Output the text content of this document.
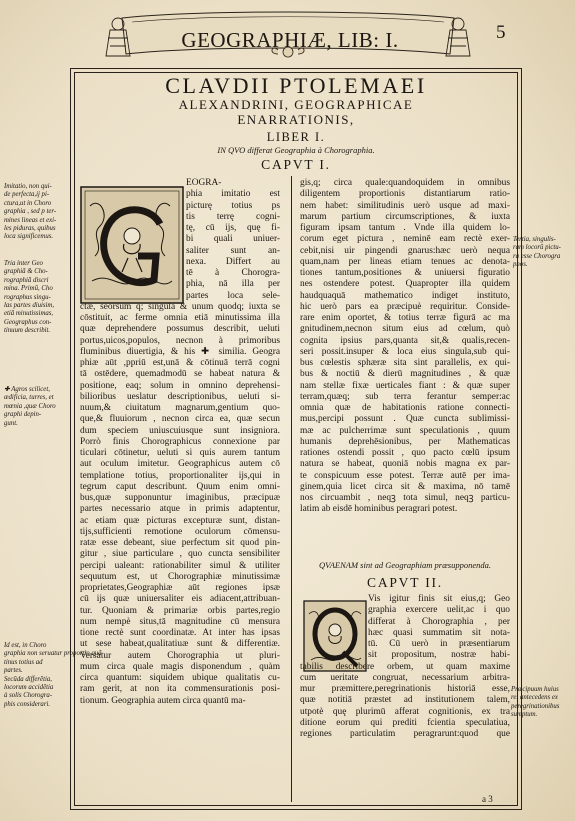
GEOGRAPHIÆ, LIB: I.	5
CLAVDII PTOLEMAEI
ALEXANDRINI, GEOGRAPHICAE
ENARRATIONIS,
LIBER I.
IN QVO differat Geographia à Chorographia.
CAPVT I.
EOGRA-
phia imitatio est
picturę totius ps
tis terrę cogni-
tę, cū ijs, quę fi-
bi quali uniuer-
saliter sunt an-
nexa. Differt au
tē à Chorogra-
phia, nā illa per
partes loca sele-
ctæ, seorsum q; singula & unum quodq; iuxta se
cōstituit, ac ferme omnia etiā minutissima illa
quæ deprehendere possumus describit, ueluti
portus,uicos,populos, necnon à primoribus
fluminibus diuertigia, & his ✚ similia. Geogra
phiæ aūt ,ppriū est,unā & cōtinuā terrā cogni
tā ostēdere, quemadmodū se habeat natura &
positione, eaq; solum in omnino deprehensi-
bilioribus ueslatur descriptionibus, ueluti si-
nuum,& ciuitatum magnarum,gentium quo-
que,& fluuiorum , necnon circa ea, quæ secun
dum speciem uniuscuiusque sunt insigniora.
Porrò finis Chorographicus connexione par
ticulari cōtinetur, ueluti si quis aurem tantum
aut oculum imitetur. Geographicus autem cō
templatione totius, proportionaliter ijs,qui in
tegrum caput describunt. Quum enim omni-
bus,quæ supponuntur imaginibus, præcipuæ
partes necessario atque in primis adaptentur,
ac etiam quæ picturas excepturæ sunt, distan-
tijs,sufficienti remotione oculorum cōmensu-
ratæ esse debeant, siue perfectum sit quod pin-
gitur , siue particulare , quo cuncta sensibiliter
percipi ualeant: rationabiliter simul & utiliter
sequutum est, ut Chorographiæ minutissimæ
proprietates,Geographiæ aūt regiones ipsæ
cū ijs quæ uniuersaliter eis adiacent,attribuan-
tur. Quoniam & primariæ orbis partes,regio
num nempè situs,tā magnitudine cū mensura
tione rectè sunt coordinatæ. At inter has ipsas
ut sese habeat,qualitatiuæ sunt & differentiæ.
Versatur autem Chorographia ut pluri-
mum circa quale magis disponendum , quàm
circa quantum: siquidem ubique qualitatis cu-
ram gerit, at non ita commensurationis posi-
tionum. Geographia autem circa quantū ma-
gis,q; circa quale:quandoquidem in omnibus
diligentem proportionis distantiarum ratio-
nem habet: similitudinis uerò usque ad maxi-
marum partium circumscriptiones, & iuxta
figuram ipsam tantum . Vnde illa quidem lo-
corum eget pictura , neminē eam rectè exer-
cebit,nisi uir pingendi gnarus:hæc uerò nequa
quam,nam per lineas etiam tenues ac denota-
tiones tantum,positiones & uniuersi figuratio
nes ostendere potest. Quapropter illa quidem
haudquaquā mathematico indiget instituto,
hic uerò pars ea præcipuè requiritur. Conside-
rare enim oportet, & totius terræ figurā ac ma
gnitudinem,necnon situm eius ad cœlum, quò
cognita ipsius pars,quanta sit,& qualis,recen-
seri possit.insuper & loca eius singula,sub qui-
bus cœlestis sphæræ sita sint parallelis, ex qui-
bus & noctiū & dierū magnitudines , & quæ
nam stellæ fixæ uerticales fiant : & quæ super
terram,quæq; sub terra ferantur semper:ac
omnia quæ de habitationis ratione connecti-
mus,percipi possunt . Quæ cuncta sublimissi-
mæ ac pulcherrimæ sunt speculationis , quum
humanis deprehēsionibus, per Mathematicas
rationes ostendi possit , quo pacto cœlū ipsum
natura se habeat, quoniā nobis magna ex par-
te conspicuum esse potest. Terræ autē per ima-
ginem,quia licet circa sit & maxima, nō tamē
nos circuambit , neqꝫ tota simul, neqꝫ particu-
latim ab eisdē hominibus peragrari potest.
QVAENAM sint ad Geographiam præsupponenda.
CAPVT II.
Vis igitur finis sit eius,q; Geo
graphia exercere uelit,ac i quo
differat à Chorographia , per
hæc quasi summatim sit nota-
tū. Cū uerò in præsentiarum
sit propositum, nostræ habi-
tabilis describere orbem, ut quam maxime
cum ueritate congruat, necessarium arbitra-
mur præmittere,peregrinationis historiā esse,
quæ notitiā præstet ad institutionem talem,
utpotè quę plurimū afferat cognitionis, ex tra
ditione eorum qui prediti fcientia speculatiua,
regiones particulatim peragrarunt:quod que
Imitatio, non qui-
de perfecta,ij pi-
ctura,ut in Choro
graphia , sed p ter-
mines lineas et exi-
les piduras, quibus
loca significemus.
Tria inter Geo
graphiā & Cho-
rographiā discri
mina. Primū, Cho
rographus singu-
las partes diuisim,
etiā minutissimas,
Geographus con-
tinuum describit.
✚ Agros scilicet,
ædificia, turres, et
mœnia ,quæ Choro
graphi depin-
gunt.
Id est, in Choro
graphia non seruatur proportio quã
tinus totius ad
partes.
Secūda differētia,
locorum accidētia
à solis Chorogra-
phis considerari.
Tertia, singulis-
ram locorū pictu-
ra esse Chorogra
phos.
Præcipuum huius
rei antecedens ex
peregrinationibus
sumptum.
a 3
